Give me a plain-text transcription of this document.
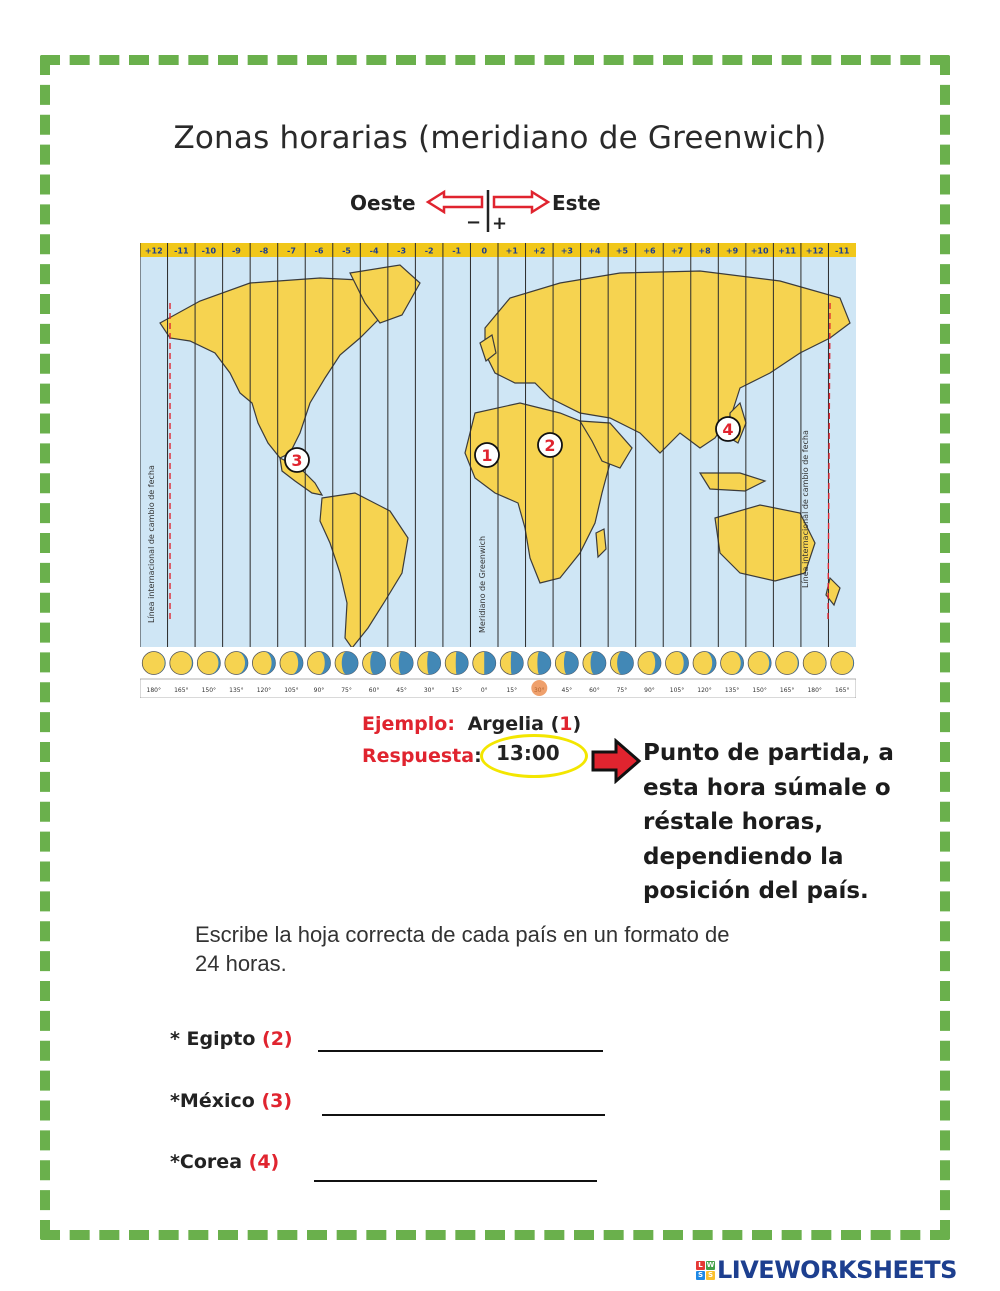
Zonas horarias (meridiano de Greenwich)
Oeste	Este
− +
+12 -11 -10 -9 -8 -7 -6 -5 -4 -3 -2 -1	0 +1 +2 +3 +4 +5 +6 +7 +8 +9 +10 +11 +12 -11
180° 165° 150° 135° 120° 105° 90°	75°	60°	45°	30°	15°	0°	15°	45°	60°	75°	90° 105° 120° 135° 150° 165° 180° 165°
Línea internacional de cambio de fecha	Meridiano de Greenwich	Línea internacional de cambio de fecha
1
2
3
4
Ejemplo: Argelia (1)
Respuesta: 13:00	Punto de partida, a esta hora súmale o réstale horas, dependiendo la posición del país.
Escribe la hoja correcta de cada país en un formato de 24 horas.
* Egipto (2)
*México (3)
*Corea (4)
L W
S S LIVEWORKSHEETS
